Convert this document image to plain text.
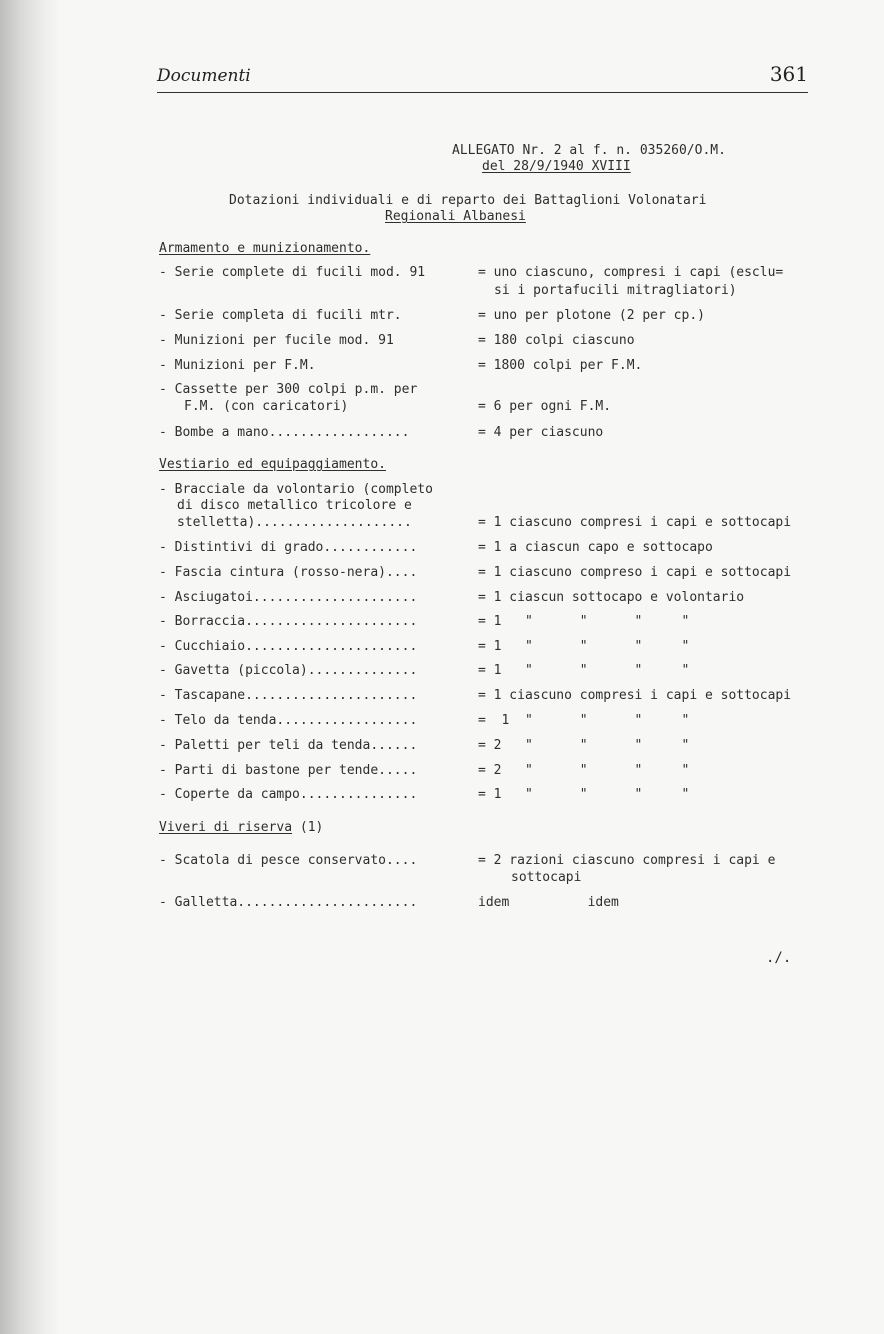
Documenti	361
ALLEGATO Nr. 2 al f. n. 035260/O.M.
del 28/9/1940 XVIII
Dotazioni individuali e di reparto dei Battaglioni Volonatari
Regionali Albanesi
Armamento e munizionamento.
- Serie complete di fucili mod. 91	= uno ciascuno, compresi i capi (esclu=
si i portafucili mitragliatori)
- Serie completa di fucili mtr.	= uno per plotone (2 per cp.)
- Munizioni per fucile mod. 91	= 180 colpi ciascuno
- Munizioni per F.M.	= 1800 colpi per F.M.
- Cassette per 300 colpi p.m. per
F.M. (con caricatori)	= 6 per ogni F.M.
- Bombe a mano..................	= 4 per ciascuno
Vestiario ed equipaggiamento.
- Bracciale da volontario (completo
di disco metallico tricolore e
stelletta)....................	= 1 ciascuno compresi i capi e sottocapi
- Distintivi di grado............	= 1 a ciascun capo e sottocapo
- Fascia cintura (rosso-nera)....	= 1 ciascuno compreso i capi e sottocapi
- Asciugatoi.....................	= 1 ciascun sottocapo e volontario
- Borraccia......................	= 1   "      "      "     "
- Cucchiaio......................	= 1   "      "      "     "
- Gavetta (piccola)..............	= 1   "      "      "     "
- Tascapane......................	= 1 ciascuno compresi i capi e sottocapi
- Telo da tenda..................	=  1  "      "      "     "
- Paletti per teli da tenda......	= 2   "      "      "     "
- Parti di bastone per tende.....	= 2   "      "      "     "
- Coperte da campo...............	= 1   "      "      "     "
Viveri di riserva (1)
- Scatola di pesce conservato....	= 2 razioni ciascuno compresi i capi e
sottocapi
- Galletta.......................	idem          idem
./.
